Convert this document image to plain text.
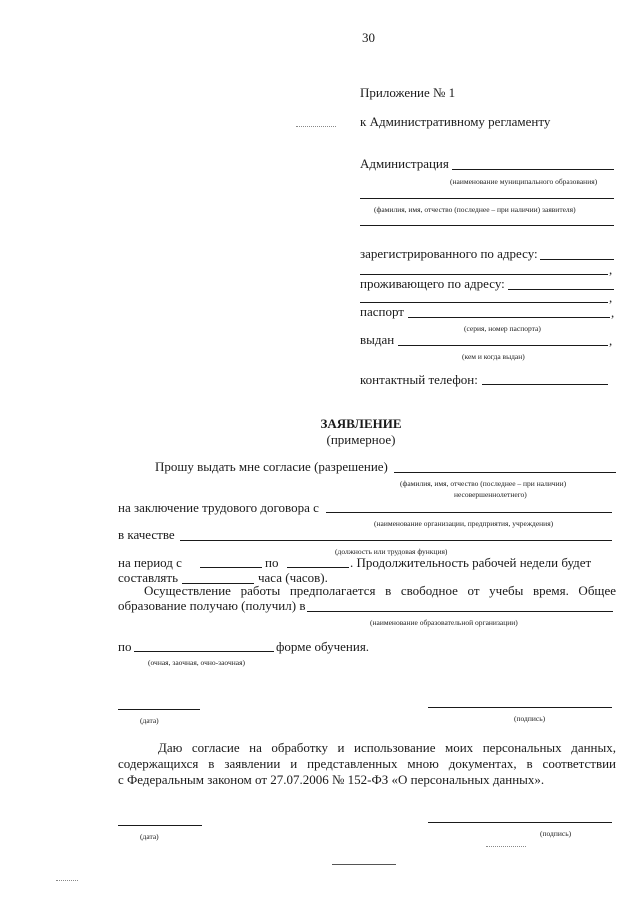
30
Приложение № 1
к Административному регламенту
Администрация
(наименование муниципального образования)
(фамилия, имя, отчество (последнее – при наличии) заявителя)
зарегистрированного по адресу:
,
проживающего по адресу:
,
паспорт	,
(серия, номер паспорта)
выдан	,
(кем и когда выдан)
контактный телефон:
ЗАЯВЛЕНИЕ
(примерное)
Прошу выдать мне согласие (разрешение)
(фамилия, имя, отчество (последнее – при наличии)
несовершеннолетнего)
на заключение трудового договора с
(наименование организации, предприятия, учреждения)
в качестве
(должность или трудовая функция)
на период с	по	. Продолжительность рабочей недели будет
составлять	часа (часов).
Осуществление работы предполагается в свободное от учебы время. Общее
образование получаю (получил) в
(наименование образовательной организации)
по	форме обучения.
(очная, заочная, очно-заочная)
(дата)	(подпись)
Даю согласие на обработку и использование моих персональных данных,
содержащихся в заявлении и представленных мною документах, в соответствии
с Федеральным законом от 27.07.2006 № 152-ФЗ «О персональных данных».
(дата)	(подпись)
